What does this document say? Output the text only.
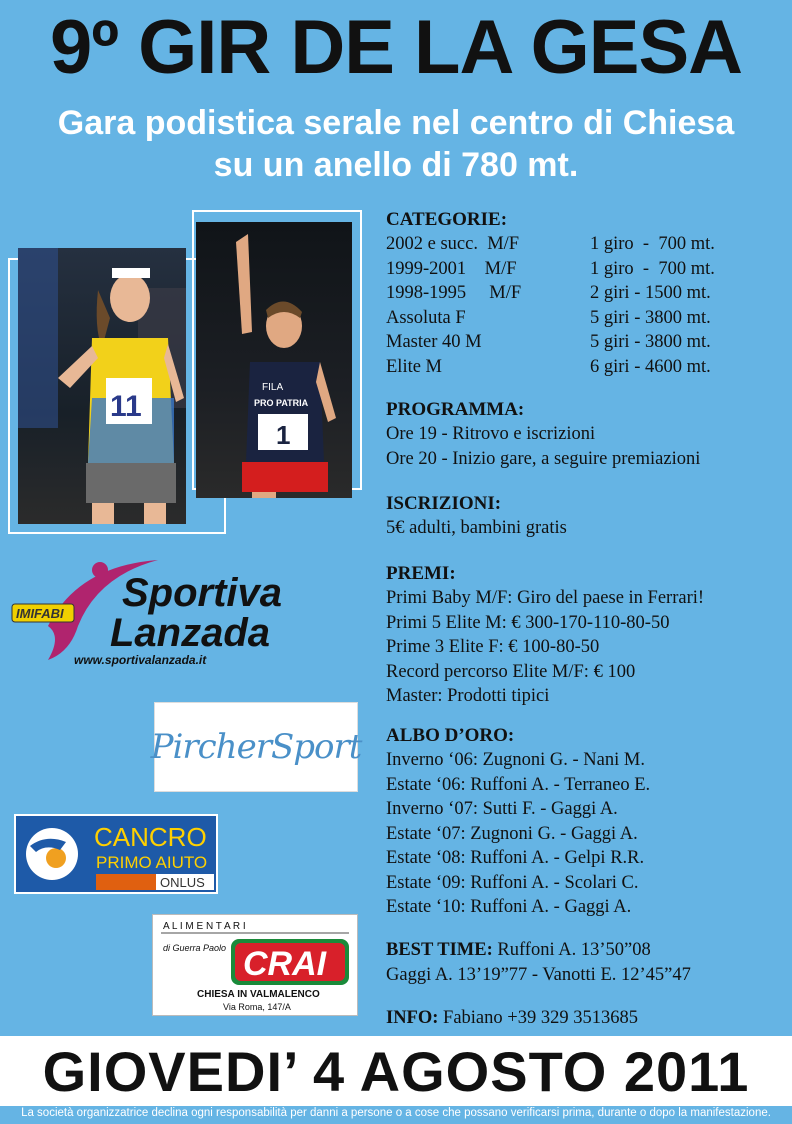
9º GIR DE LA GESA
Gara podistica serale nel centro di Chiesa
su un anello di 780 mt.
11
FILA
PRO PATRIA
1
CATEGORIE:
2002 e succ.  M/F	1 giro  -  700 mt.
1999-2001    M/F	1 giro  -  700 mt.
1998-1995     M/F	2 giri - 1500 mt.
Assoluta F	5 giri - 3800 mt.
Master 40 M	5 giri - 3800 mt.
Elite M	6 giri - 4600 mt.
PROGRAMMA:
Ore 19 - Ritrovo e iscrizioni
Ore 20 - Inizio gare, a seguire premiazioni
ISCRIZIONI:
5€ adulti, bambini gratis
PREMI:
Primi Baby M/F: Giro del paese in Ferrari!
Primi 5 Elite M: € 300-170-110-80-50
Prime 3 Elite F: € 100-80-50
Record percorso Elite M/F: € 100
Master: Prodotti tipici
ALBO D’ORO:
Inverno ‘06: Zugnoni G. - Nani M.
Estate ‘06: Ruffoni A. - Terraneo E.
Inverno ‘07: Sutti F. - Gaggi A.
Estate ‘07: Zugnoni G. - Gaggi A.
Estate ‘08: Ruffoni A. - Gelpi R.R.
Estate ‘09: Ruffoni A. - Scolari C.
Estate ‘10: Ruffoni A. - Gaggi A.
BEST TIME: Ruffoni A. 13’50”08
Gaggi A. 13’19”77 - Vanotti E. 12’45”47
INFO: Fabiano +39 329 3513685
IMIFABI Sportiva
Lanzada
www.sportivalanzada.it
PircherSport
CANCRO
PRIMO AIUTO
ONLUS
A L I M E N T A R I
di Guerra Paolo CRAI
CHIESA IN VALMALENCO
Via Roma, 147/A
GIOVEDI’ 4 AGOSTO 2011
La società organizzatrice declina ogni responsabilità per danni a persone o a cose che possano verificarsi prima, durante o dopo la manifestazione.
